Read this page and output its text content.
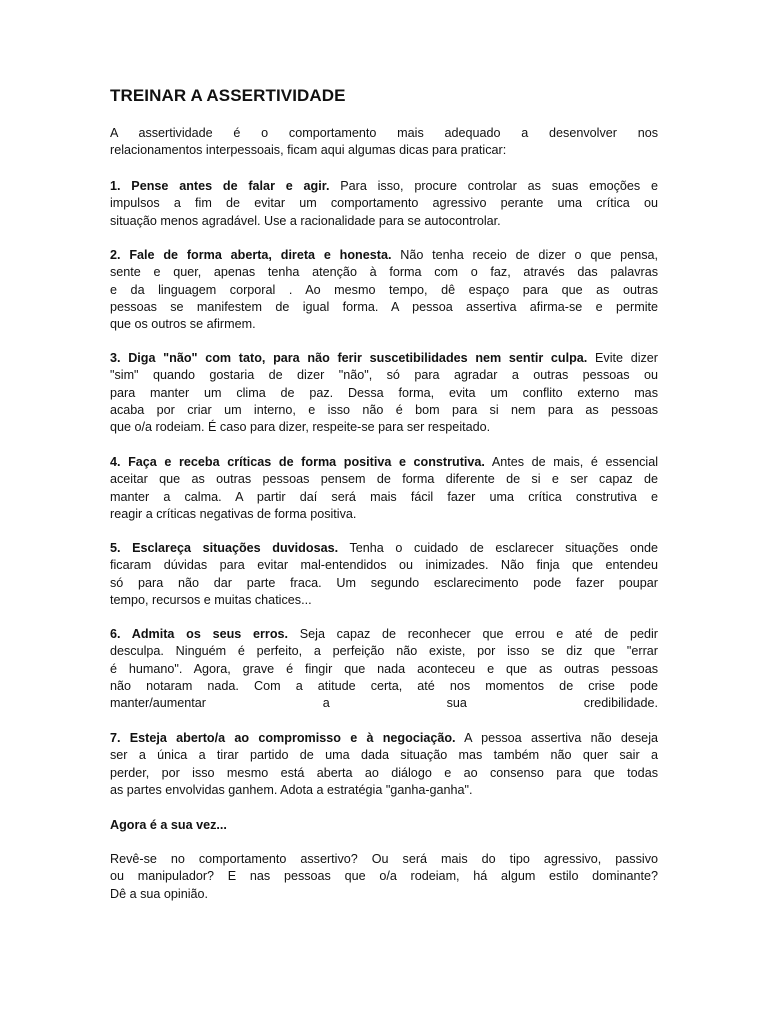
TREINAR A ASSERTIVIDADE

A assertividade é o comportamento mais adequado a desenvolver nos
relacionamentos interpessoais, ficam aqui algumas dicas para praticar:

1. Pense antes de falar e agir. Para isso, procure controlar as suas emoções e
impulsos a fim de evitar um comportamento agressivo perante uma crítica ou
situação menos agradável. Use a racionalidade para se autocontrolar.

2. Fale de forma aberta, direta e honesta. Não tenha receio de dizer o que pensa,
sente e quer, apenas tenha atenção à forma com o faz, através das palavras
e da linguagem corporal . Ao mesmo tempo, dê espaço para que as outras
pessoas se manifestem de igual forma. A pessoa assertiva afirma-se e permite
que os outros se afirmem.

3. Diga "não" com tato, para não ferir suscetibilidades nem sentir culpa. Evite dizer
"sim" quando gostaria de dizer "não", só para agradar a outras pessoas ou
para manter um clima de paz. Dessa forma, evita um conflito externo mas
acaba por criar um interno, e isso não é bom para si nem para as pessoas
que o/a rodeiam. É caso para dizer, respeite-se para ser respeitado.

4. Faça e receba críticas de forma positiva e construtiva. Antes de mais, é essencial
aceitar que as outras pessoas pensem de forma diferente de si e ser capaz de
manter a calma. A partir daí será mais fácil fazer uma crítica construtiva e
reagir a críticas negativas de forma positiva.

5. Esclareça situações duvidosas. Tenha o cuidado de esclarecer situações onde
ficaram dúvidas para evitar mal-entendidos ou inimizades. Não finja que entendeu
só para não dar parte fraca. Um segundo esclarecimento pode fazer poupar
tempo, recursos e muitas chatices...

6. Admita os seus erros. Seja capaz de reconhecer que errou e até de pedir
desculpa. Ninguém é perfeito, a perfeição não existe, por isso se diz que "errar
é humano". Agora, grave é fingir que nada aconteceu e que as outras pessoas
não notaram nada. Com a atitude certa, até nos momentos de crise pode
manter/aumentar a sua credibilidade.

7. Esteja aberto/a ao compromisso e à negociação. A pessoa assertiva não deseja
ser a única a tirar partido de uma dada situação mas também não quer sair a
perder, por isso mesmo está aberta ao diálogo e ao consenso para que todas
as partes envolvidas ganhem. Adota a estratégia "ganha-ganha".

Agora é a sua vez...

Revê-se no comportamento assertivo? Ou será mais do tipo agressivo, passivo
ou manipulador? E nas pessoas que o/a rodeiam, há algum estilo dominante?
Dê a sua opinião.
